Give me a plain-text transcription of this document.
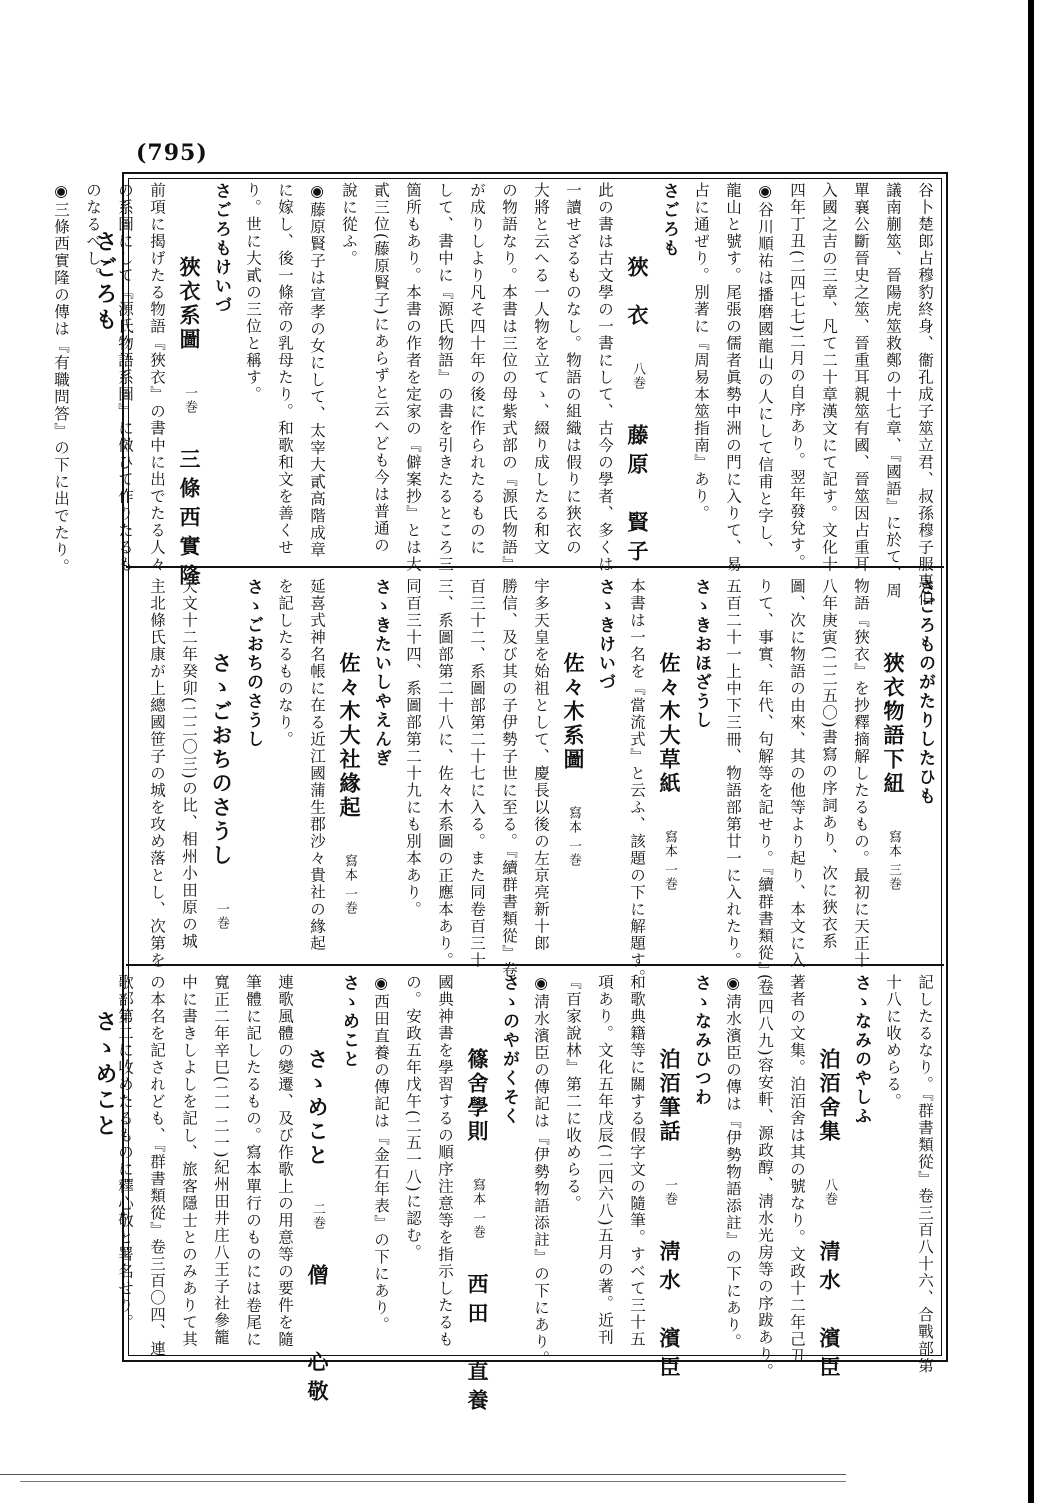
(795)
さごろも
さゝめこと
谷卜楚郎占穆豹終身、衞孔成子筮立君、叔孫穆子服惠伯
議南蒯筮、晉陽虎筮救鄭の十七章、『國語』に於て、周
單襄公斷晉史之筮、晉重耳親筮有國、晉筮因占重耳
入國之吉の三章、凡て二十章漢文にて記す。文化十
四年丁丑(二四七七)二月の自序あり。翌年發兌す。
◉谷川順祐は播磨國龍山の人にして信甫と字し、
龍山と號す。尾張の儒者眞勢中洲の門に入りて、易
占に通ぜり。別著に『周易本筮指南』あり。
さごろも
　　狹　衣　　八巻　　藤原　賢子
此の書は古文學の一書にして、古今の學者、多くは
一讀せざるものなし。物語の組織は假りに狹衣の
大將と云へる一人物を立てゝ、綴り成したる和文
の物語なり。本書は三位の母紫式部の『源氏物語』
が成りしより凡そ四十年の後に作られたるものに
して、書中に『源氏物語』の書を引きたるところ三
箇所もあり。本書の作者を定家の『僻案抄』とは大
貳三位(藤原賢子)にあらずと云へども今は普通の
說に從ふ。
◉藤原賢子は宣孝の女にして、太宰大貳高階成章
に嫁し、後一條帝の乳母たり。和歌和文を善くせ
り。世に大貳の三位と稱す。
さごろもけいづ
　　狹衣系圖　　一巻　　三條西實隆
前項に揭げたる物語『狹衣』の書中に出でたる人々
の系圖にして『源氏物語系圖』に傚ひて作りたるも
のなるべし。
◉三條西實隆の傳は『有職問答』の下に出でたり。
さごろものがたりしたひも
　　狹衣物語下紐　　寫本 三巻　　
物語『狹衣』を抄釋摘解したるもの。最初に天正十
八年庚寅(二二五〇)書寫の序詞あり、次に狹衣系
圖、次に物語の由來、其の他等より起り、本文に入
りて、事實、年代、句解等を記せり。『續群書類從』卷
五百二十一上中下三冊、物語部第廿一に入れたり。
さゝきおほざうし
　　佐々木大草紙　　寫本 一巻　　
本書は一名を『當流式』と云ふ、該題の下に解題す。
さゝきけいづ
　　佐々木系圖　　寫本 一巻　　
宇多天皇を始祖として、慶長以後の左京亮新十郎
勝信、及び其の子伊勢子世に至る。『續群書類從』卷
百三十二、系圖部第二十七に入る。また同卷百三十
三、系圖部第二十八に、佐々木系圖の正應本あり。
同百三十四、系圖部第二十九にも別本あり。
さゝきたいしやえんぎ
　　佐々木大社緣起　　寫本 一巻　　
延喜式神名帳に在る近江國蒲生郡沙々貴社の緣起
を記したるものなり。
さゝごおちのさうし
　　さゝごおちのさうし　　一巻　　
天文十二年癸卯(二二〇三)の比、相州小田原の城
主北條氏康が上總國笹子の城を攻め落とし、次第を
記したるなり。『群書類從』卷三百八十六、合戰部第
十八に收めらる。
さゝなみのやしふ
　　泊洦舍集　　八巻　　清水　濱臣
著者の文集。泊洦舍は其の號なり。文政十二年己丑
(二四八九)容安軒、源政醇、淸水光房等の序跋あり。
◉淸水濱臣の傳は『伊勢物語添註』の下にあり。
さゝなみひつわ
　　泊洦筆話　　一巻　　淸水　濱臣
和歌典籍等に關する假字文の隨筆。すべて三十五
項あり。文化五年戊辰(二四六八)五月の著。近刊
『百家說林』第二に收めらる。
◉淸水濱臣の傳記は『伊勢物語添註』の下にあり。
さゝのやがくそく
　　篠舍學則　　寫本 一巻　　西田　直養
國典神書を學習するの順序注意等を指示したるも
の。安政五年戊午(二五一八)に認む。
◉西田直養の傳記は『金石年表』の下にあり。
さゝめこと
　　さゝめこと　　二巻　　僧　　心敬
連歌風體の變遷、及び作歌上の用意等の要件を隨
筆體に記したるもの。寫本單行のものには卷尾に
寬正二年辛巳(二一二一)紀州田井庄八王子社參籠
中に書きしよしを記し、旅客隱士とのみありて其
の本名を記されども、『群書類從』卷三百〇四、連
歌部第二に收めたるものに釋心敬と署名せり。
